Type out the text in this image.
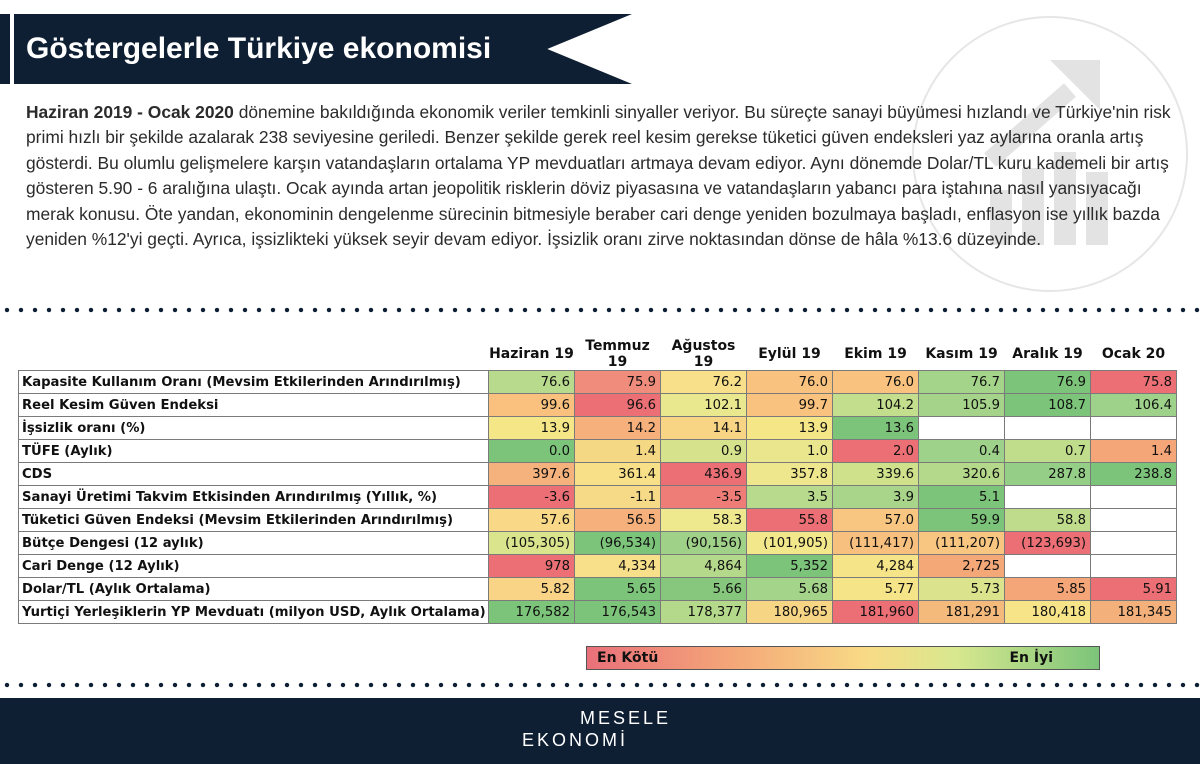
Göstergelerle Türkiye ekonomisi
Haziran 2019 - Ocak 2020 dönemine bakıldığında ekonomik veriler temkinli sinyaller veriyor. Bu süreçte sanayi büyümesi hızlandı ve Türkiye'nin risk primi hızlı bir şekilde azalarak 238 seviyesine geriledi. Benzer şekilde gerek reel kesim gerekse tüketici güven endeksleri yaz aylarına oranla artış gösterdi. Bu olumlu gelişmelere karşın vatandaşların ortalama YP mevduatları artmaya devam ediyor. Aynı dönemde Dolar/TL kuru kademeli bir artış gösteren 5.90 - 6 aralığına ulaştı. Ocak ayında artan jeopolitik risklerin döviz piyasasına ve vatandaşların yabancı para iştahına nasıl yansıyacağı merak konusu. Öte yandan, ekonominin dengelenme sürecinin bitmesiyle beraber cari denge yeniden bozulmaya başladı, enflasyon ise yıllık bazda yeniden %12'yi geçti. Ayrıca, işsizlikteki yüksek seyir devam ediyor. İşsizlik oranı zirve noktasından dönse de hâla %13.6 düzeyinde.
	Haziran 19	Temmuz 19	Ağustos 19	Eylül 19	Ekim 19	Kasım 19	Aralık 19	Ocak 20
Kapasite Kullanım Oranı (Mevsim Etkilerinden Arındırılmış)	76.6	75.9	76.2	76.0	76.0	76.7	76.9	75.8
Reel Kesim Güven Endeksi	99.6	96.6	102.1	99.7	104.2	105.9	108.7	106.4
İşsizlik oranı (%)	13.9	14.2	14.1	13.9	13.6			
TÜFE (Aylık)	0.0	1.4	0.9	1.0	2.0	0.4	0.7	1.4
CDS	397.6	361.4	436.9	357.8	339.6	320.6	287.8	238.8
Sanayi Üretimi Takvim Etkisinden Arındırılmış (Yıllık, %)	-3.6	-1.1	-3.5	3.5	3.9	5.1		
Tüketici Güven Endeksi (Mevsim Etkilerinden Arındırılmış)	57.6	56.5	58.3	55.8	57.0	59.9	58.8	
Bütçe Dengesi (12 aylık)	(105,305)	(96,534)	(90,156)	(101,905)	(111,417)	(111,207)	(123,693)	
Cari Denge (12 Aylık)	978	4,334	4,864	5,352	4,284	2,725		
Dolar/TL (Aylık Ortalama)	5.82	5.65	5.66	5.68	5.77	5.73	5.85	5.91
Yurtiçi Yerleşiklerin YP Mevduatı (milyon USD, Aylık Ortalama)	176,582	176,543	178,377	180,965	181,960	181,291	180,418	181,345
En Kötü	En İyi
MESELE
EKONOMİ
